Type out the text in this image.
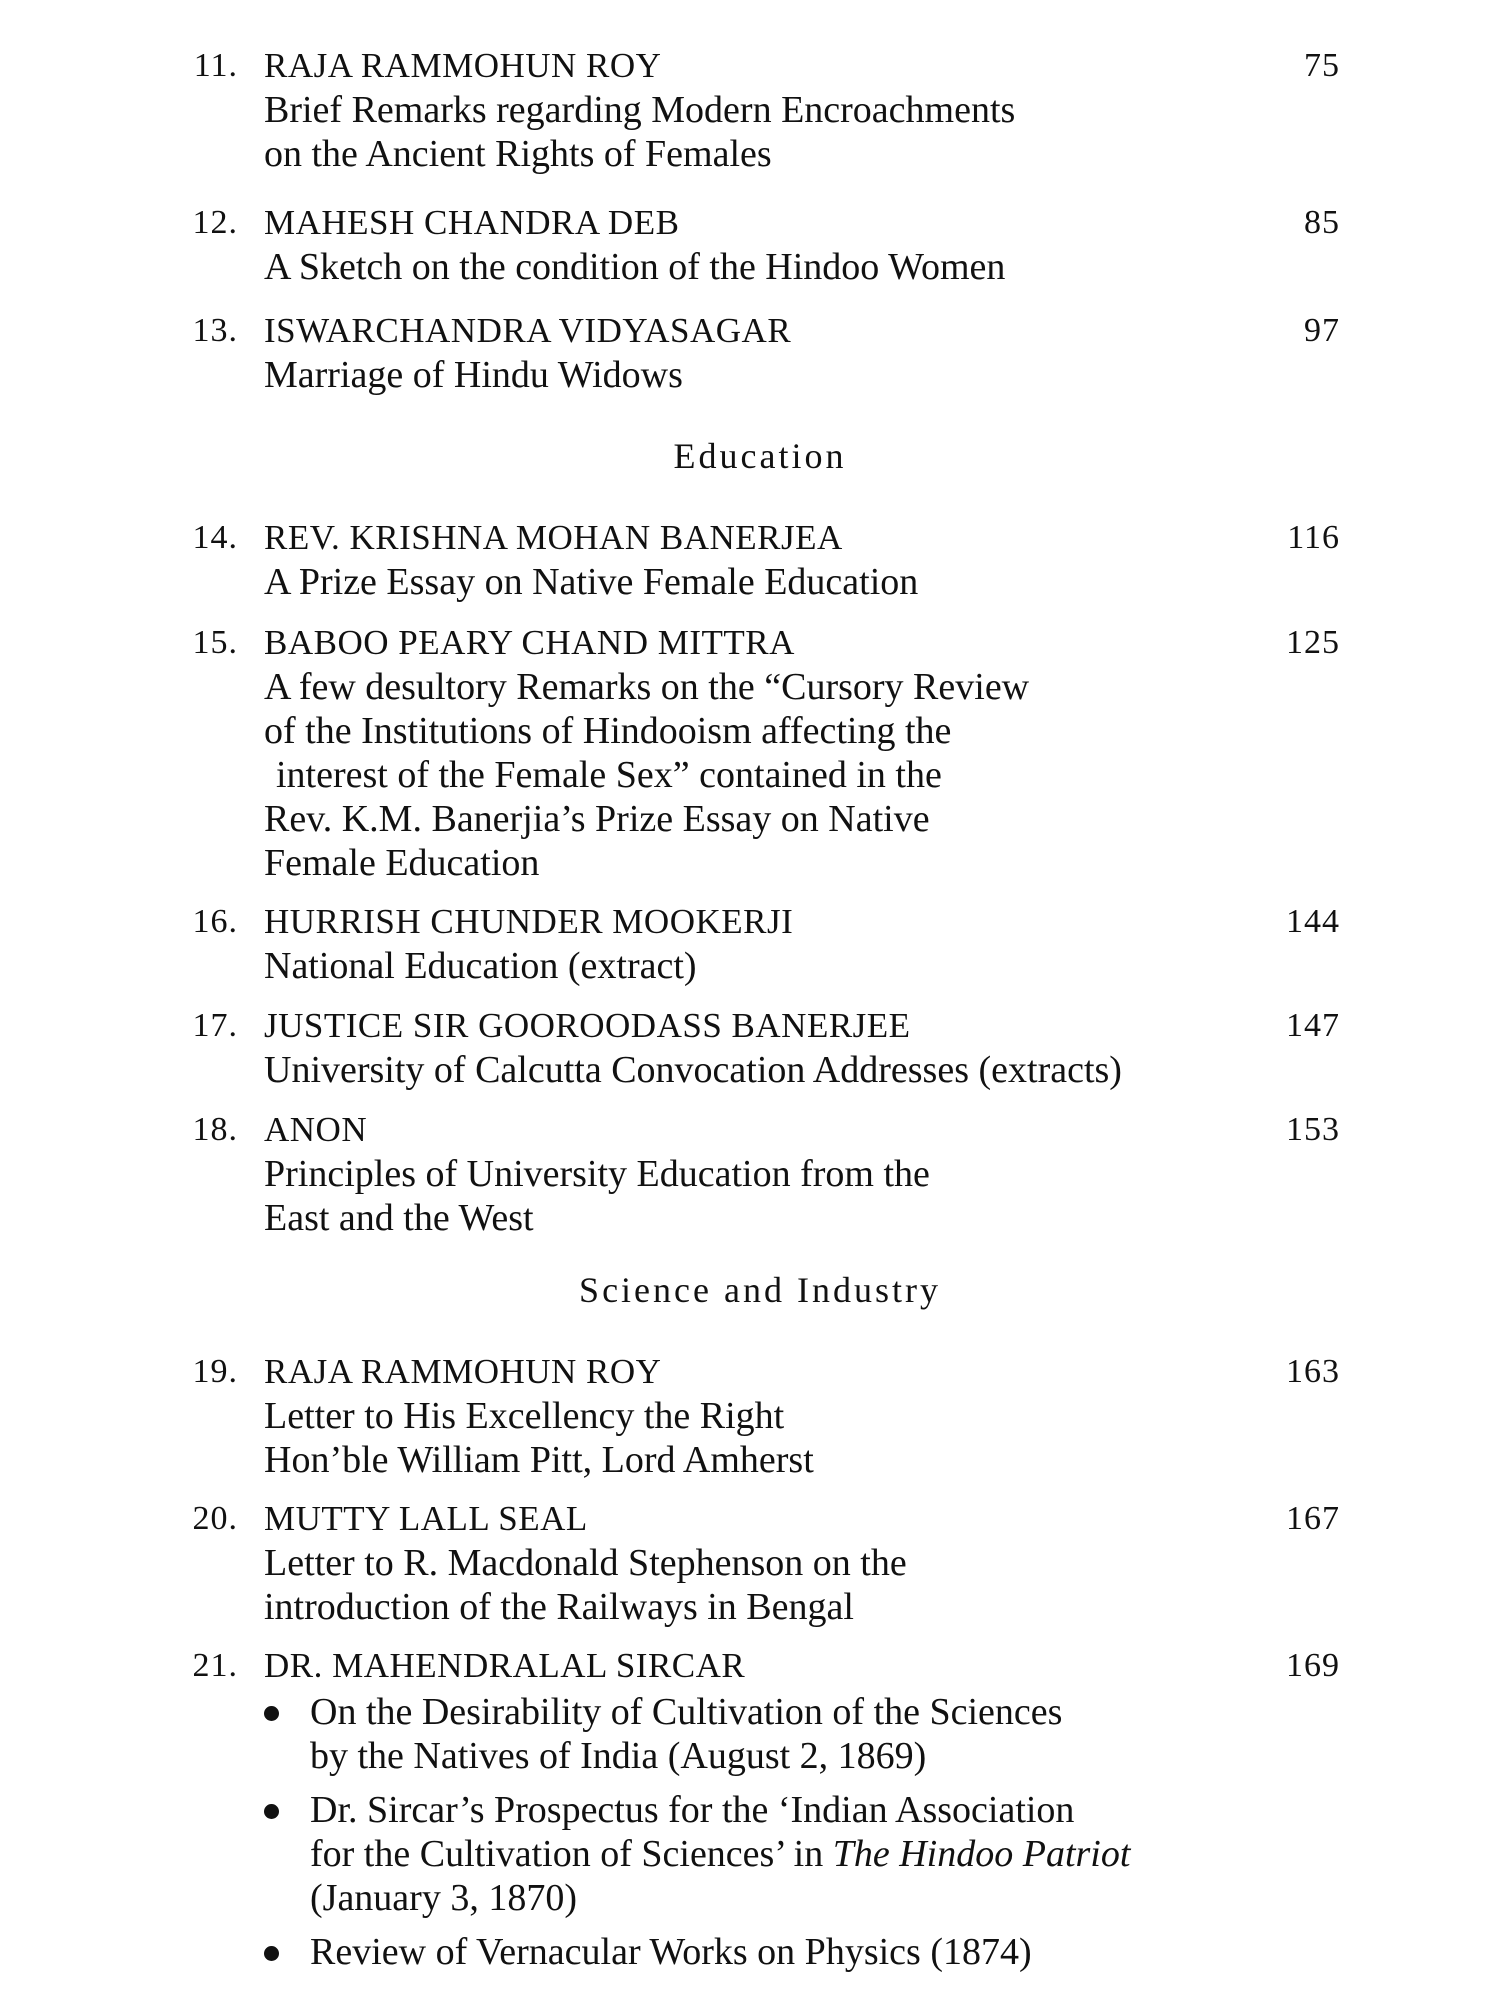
11. RAJA RAMMOHUN ROY
Brief Remarks regarding Modern Encroachments
on the Ancient Rights of Females
75
12. MAHESH CHANDRA DEB
A Sketch on the condition of the Hindoo Women
85
13. ISWARCHANDRA VIDYASAGAR
Marriage of Hindu Widows
97
Education
14. REV. KRISHNA MOHAN BANERJEA
A Prize Essay on Native Female Education
116
15. BABOO PEARY CHAND MITTRA
A few desultory Remarks on the “Cursory Review
of the Institutions of Hindooism affecting the
interest of the Female Sex” contained in the
Rev. K.M. Banerjia’s Prize Essay on Native
Female Education
125
16. HURRISH CHUNDER MOOKERJI
National Education (extract)
144
17. JUSTICE SIR GOOROODASS BANERJEE
University of Calcutta Convocation Addresses (extracts)
147
18. ANON
Principles of University Education from the
East and the West
153
Science and Industry
19. RAJA RAMMOHUN ROY
Letter to His Excellency the Right
Hon’ble William Pitt, Lord Amherst
163
20. MUTTY LALL SEAL
Letter to R. Macdonald Stephenson on the
introduction of the Railways in Bengal
167
21. DR. MAHENDRALAL SIRCAR	169
On the Desirability of Cultivation of the Sciences
by the Natives of India (August 2, 1869)
Dr. Sircar’s Prospectus for the ‘Indian Association
for the Cultivation of Sciences’ in The Hindoo Patriot
(January 3, 1870)
Review of Vernacular Works on Physics (1874)
